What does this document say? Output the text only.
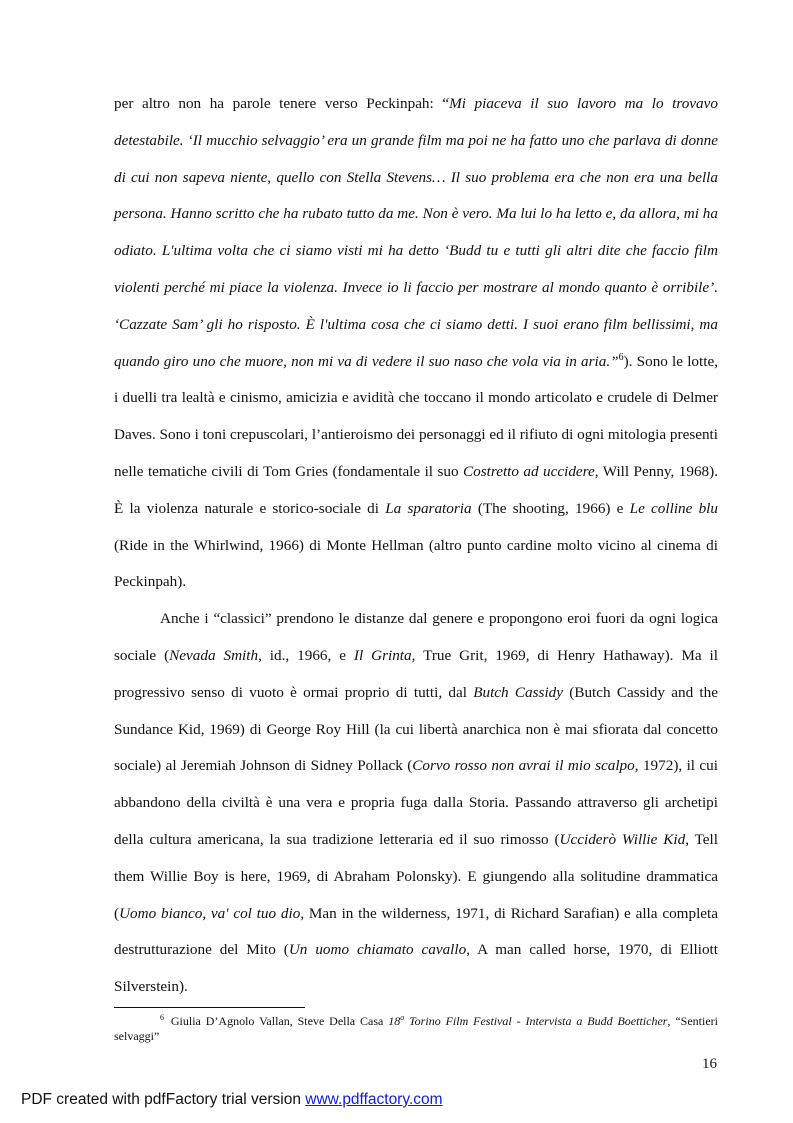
per altro non ha parole tenere verso Peckinpah: “Mi piaceva il suo lavoro ma lo trovavo detestabile. ‘Il mucchio selvaggio’ era un grande film ma poi ne ha fatto uno che parlava di donne di cui non sapeva niente, quello con Stella Stevens… Il suo problema era che non era una bella persona. Hanno scritto che ha rubato tutto da me. Non è vero. Ma lui lo ha letto e, da allora, mi ha odiato. L'ultima volta che ci siamo visti mi ha detto ‘Budd tu e tutti gli altri dite che faccio film violenti perché mi piace la violenza. Invece io li faccio per mostrare al mondo quanto è orribile’. ‘Cazzate Sam’ gli ho risposto. È l'ultima cosa che ci siamo detti. I suoi erano film bellissimi, ma quando giro uno che muore, non mi va di vedere il suo naso che vola via in aria.”$^6$). Sono le lotte, i duelli tra lealtà e cinismo, amicizia e avidità che toccano il mondo articolato e crudele di Delmer Daves. Sono i toni crepuscolari, l’antieroismo dei personaggi ed il rifiuto di ogni mitologia presenti nelle tematiche civili di Tom Gries (fondamentale il suo Costretto ad uccidere, Will Penny, 1968). È la violenza naturale e storico-sociale di La sparatoria (The shooting, 1966) e Le colline blu (Ride in the Whirlwind, 1966) di Monte Hellman (altro punto cardine molto vicino al cinema di Peckinpah).

Anche i “classici” prendono le distanze dal genere e propongono eroi fuori da ogni logica sociale (Nevada Smith, id., 1966, e Il Grinta, True Grit, 1969, di Henry Hathaway). Ma il progressivo senso di vuoto è ormai proprio di tutti, dal Butch Cassidy (Butch Cassidy and the Sundance Kid, 1969) di George Roy Hill (la cui libertà anarchica non è mai sfiorata dal concetto sociale) al Jeremiah Johnson di Sidney Pollack (Corvo rosso non avrai il mio scalpo, 1972), il cui abbandono della civiltà è una vera e propria fuga dalla Storia. Passando attraverso gli archetipi della cultura americana, la sua tradizione letteraria ed il suo rimosso (Ucciderò Willie Kid, Tell them Willie Boy is here, 1969, di Abraham Polonsky). E giungendo alla solitudine drammatica (Uomo bianco, va' col tuo dio, Man in the wilderness, 1971, di Richard Sarafian) e alla completa destrutturazione del Mito (Un uomo chiamato cavallo, A man called horse, 1970, di Elliott Silverstein).

$^6$ Giulia D’Agnolo Vallan, Steve Della Casa 18$^o$ Torino Film Festival - Intervista a Budd Boetticher, “Sentieri selvaggi”

16
PDF created with pdfFactory trial version www.pdffactory.com
